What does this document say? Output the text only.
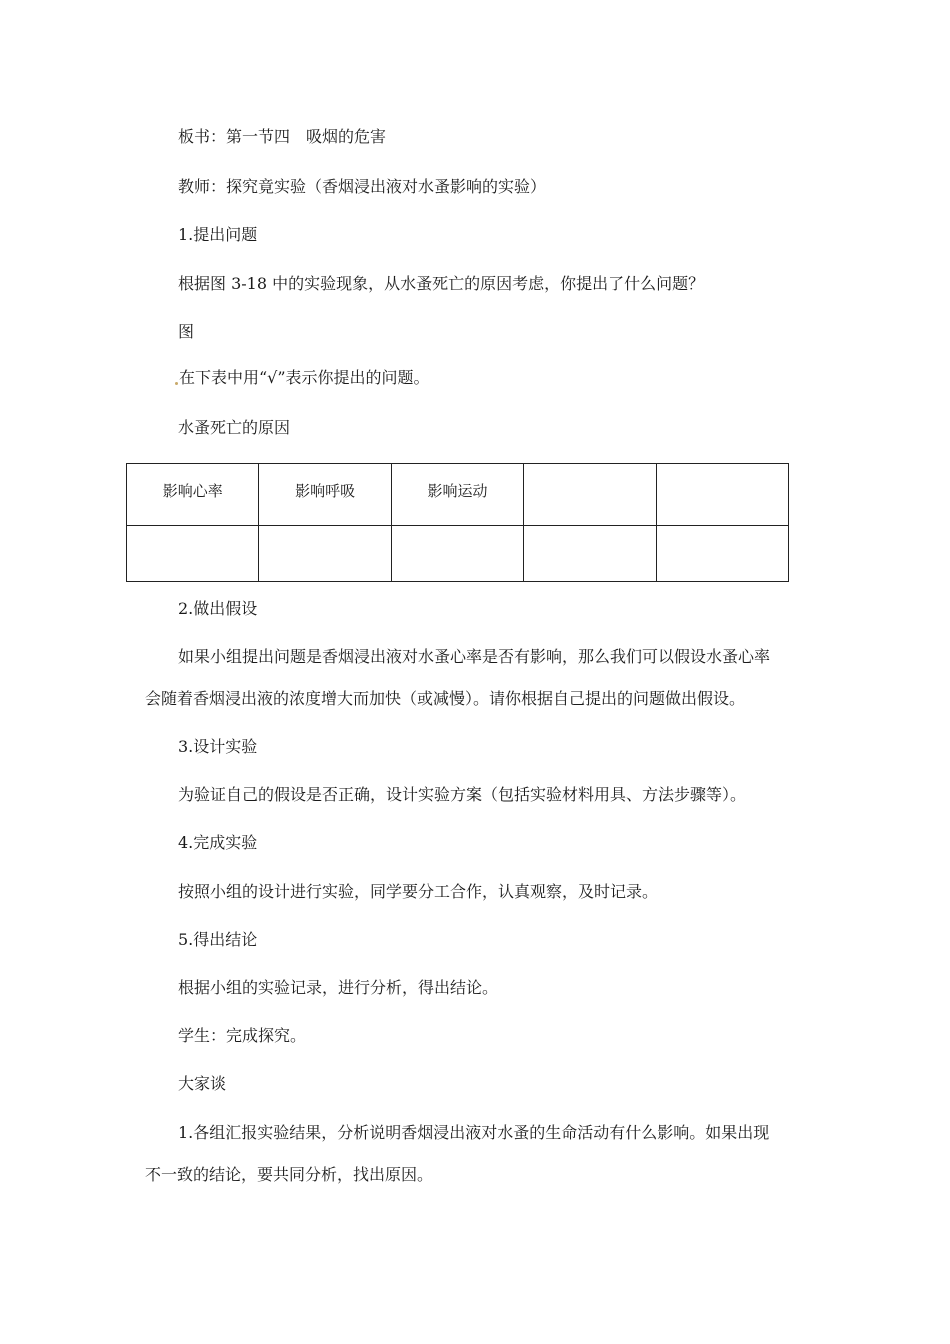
板书：第一节四　吸烟的危害
教师：探究竟实验（香烟浸出液对水蚤影响的实验）
1.提出问题
根据图 3-18 中的实验现象，从水蚤死亡的原因考虑，你提出了什么问题？
图
在下表中用“√”表示你提出的问题。
水蚤死亡的原因
影响心率	影响呼吸	影响运动		

2.做出假设
如果小组提出问题是香烟浸出液对水蚤心率是否有影响，那么我们可以假设水蚤心率
会随着香烟浸出液的浓度增大而加快（或减慢）。请你根据自己提出的问题做出假设。
3.设计实验
为验证自己的假设是否正确，设计实验方案（包括实验材料用具、方法步骤等）。
4.完成实验
按照小组的设计进行实验，同学要分工合作，认真观察，及时记录。
5.得出结论
根据小组的实验记录，进行分析，得出结论。
学生：完成探究。
大家谈
1.各组汇报实验结果，分析说明香烟浸出液对水蚤的生命活动有什么影响。如果出现
不一致的结论，要共同分析，找出原因。
